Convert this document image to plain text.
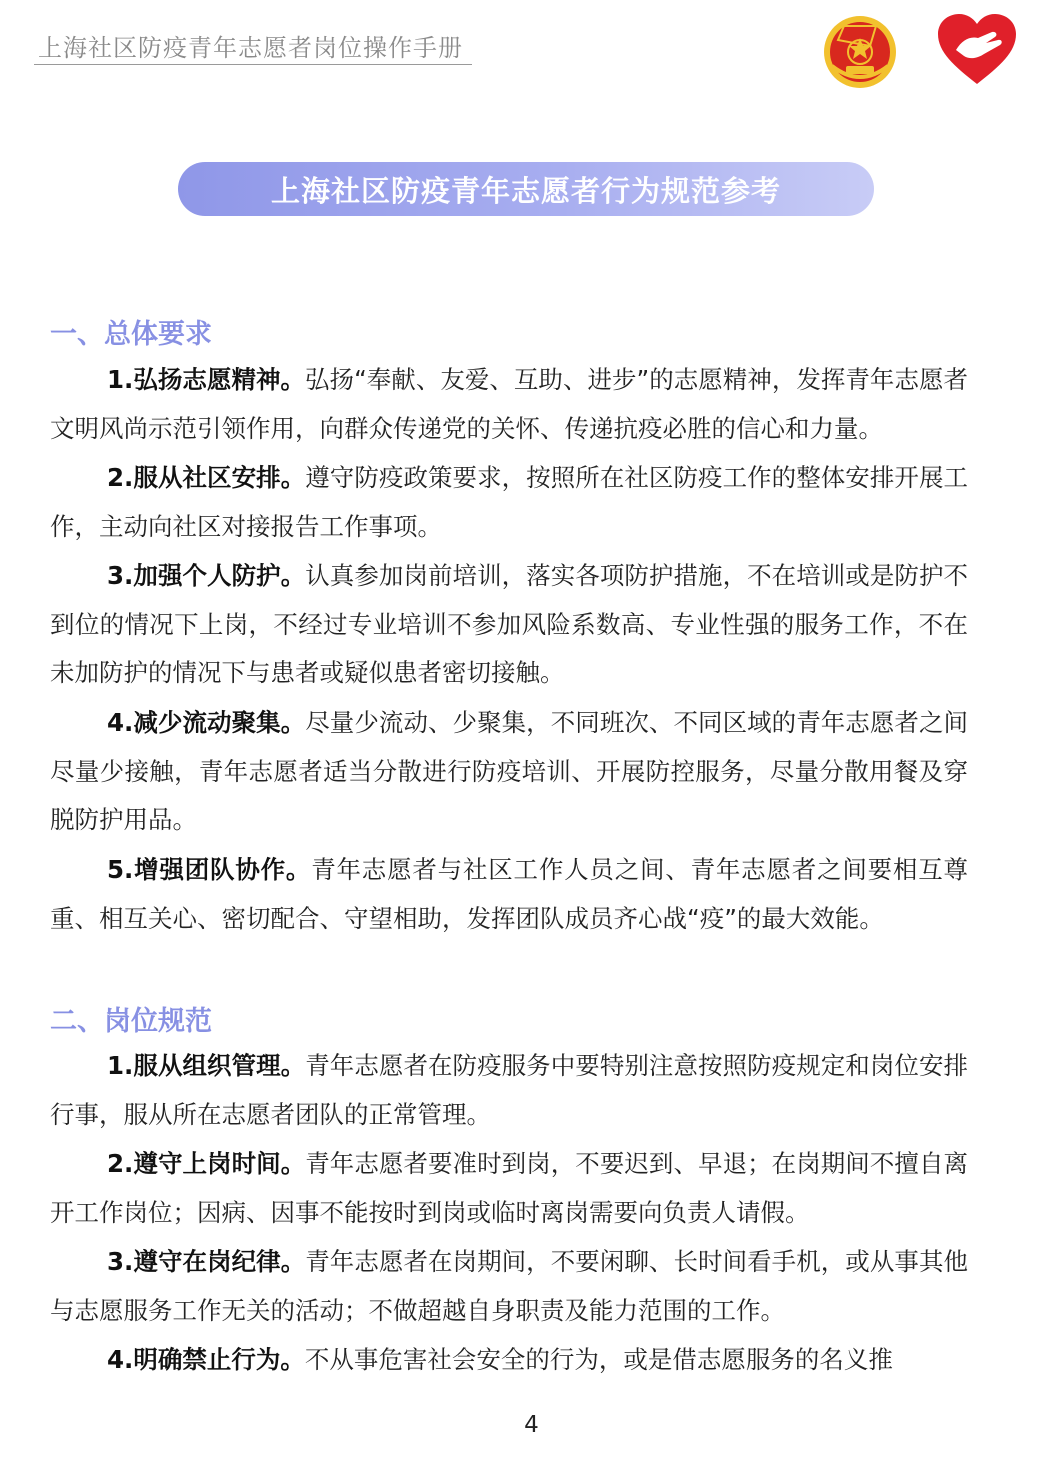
上海社区防疫青年志愿者岗位操作手册
上海社区防疫青年志愿者行为规范参考
一、总体要求

1.弘扬志愿精神。弘扬“奉献、友爱、互助、进步”的志愿精神，发挥青年志愿者文明风尚示范引领作用，向群众传递党的关怀、传递抗疫必胜的信心和力量。

2.服从社区安排。遵守防疫政策要求，按照所在社区防疫工作的整体安排开展工作，主动向社区对接报告工作事项。

3.加强个人防护。认真参加岗前培训，落实各项防护措施，不在培训或是防护不到位的情况下上岗，不经过专业培训不参加风险系数高、专业性强的服务工作，不在未加防护的情况下与患者或疑似患者密切接触。

4.减少流动聚集。尽量少流动、少聚集，不同班次、不同区域的青年志愿者之间尽量少接触，青年志愿者适当分散进行防疫培训、开展防控服务，尽量分散用餐及穿脱防护用品。

5.增强团队协作。青年志愿者与社区工作人员之间、青年志愿者之间要相互尊重、相互关心、密切配合、守望相助，发挥团队成员齐心战“疫”的最大效能。

二、岗位规范

1.服从组织管理。青年志愿者在防疫服务中要特别注意按照防疫规定和岗位安排行事，服从所在志愿者团队的正常管理。

2.遵守上岗时间。青年志愿者要准时到岗，不要迟到、早退；在岗期间不擅自离开工作岗位；因病、因事不能按时到岗或临时离岗需要向负责人请假。

3.遵守在岗纪律。青年志愿者在岗期间，不要闲聊、长时间看手机，或从事其他与志愿服务工作无关的活动；不做超越自身职责及能力范围的工作。

4.明确禁止行为。不从事危害社会安全的行为，或是借志愿服务的名义推

4
